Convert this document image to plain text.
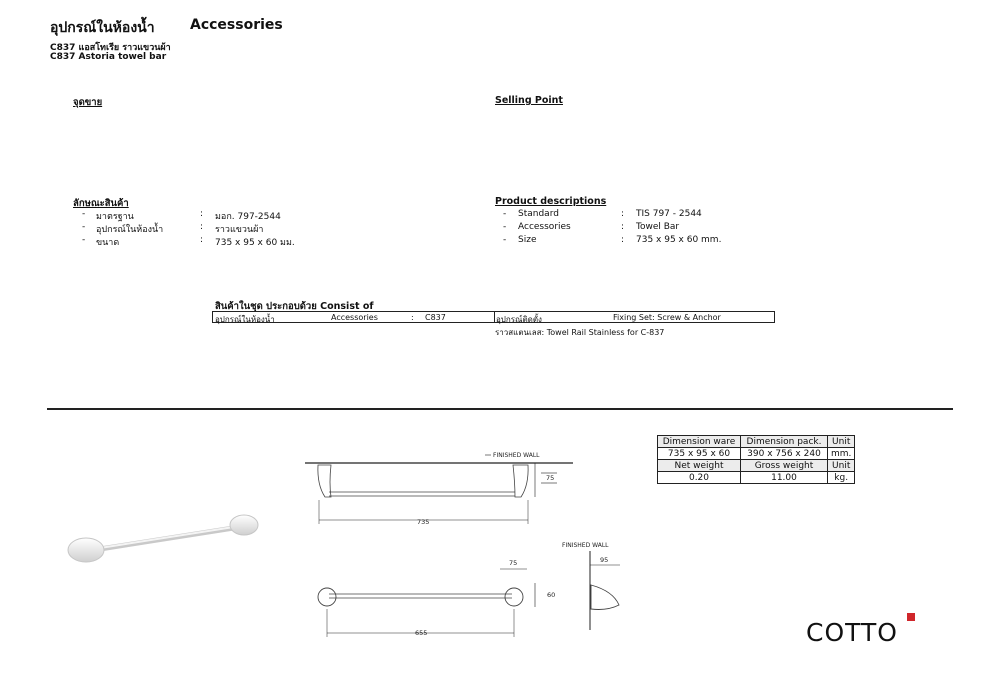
อุปกรณ์ในห้องน้ำ	Accessories
C837 แอสโทเรีย ราวแขวนผ้า
C837 Astoria towel bar
จุดขาย	Selling Point
ลักษณะสินค้า
- มาตรฐาน	: มอก. 797-2544
- อุปกรณ์ในห้องน้ำ	: ราวแขวนผ้า
- ขนาด	: 735 x 95 x 60 มม.
Product descriptions
- Standard	: TIS 797 - 2544
- Accessories	: Towel Bar
- Size	: 735 x 95 x 60 mm.
สินค้าในชุด ประกอบด้วย Consist of
อุปกรณ์ในห้องน้ำ	Accessories	: C837	อุปกรณ์ติดตั้ง	Fixing Set: Screw & Anchor
ราวสแตนเลส: Towel Rail Stainless for C-837
FINISHED WALL
75
735
75
60
655
FINISHED WALL
95
Dimension ware	Dimension pack.	Unit
735 x 95 x 60	390 x 756 x 240	mm.
Net weight	Gross weight	Unit
0.20	11.00	kg.
COTTO
